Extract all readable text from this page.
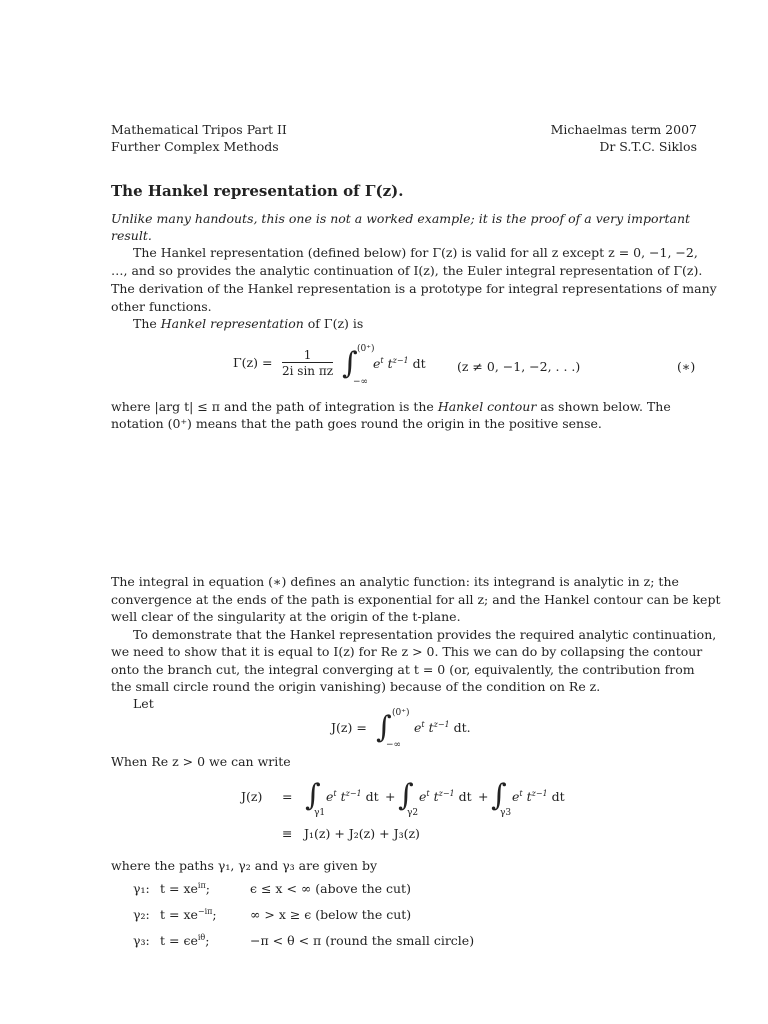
Mathematical Tripos Part II
Further Complex Methods
Michaelmas term 2007
Dr S.T.C. Siklos
The Hankel representation of Γ(z).
Unlike many handouts, this one is not a worked example; it is the proof of a very important
result.
The Hankel representation (defined below) for Γ(z) is valid for all z except z = 0, −1, −2,
…, and so provides the analytic continuation of I(z), the Euler integral representation of Γ(z).
The derivation of the Hankel representation is a prototype for integral representations of many
other functions.
The Hankel representation of Γ(z) is
$\Gamma(z) = \frac{1}{\text{2i sin πz}}$ ∫ (0⁺)
−∞
$e^t$ $t^{z-1}$ dt	(z ≠ 0, −1, −2, . . .)	(∗)
where |arg t| ≤ π and the path of integration is the Hankel contour as shown below. The
notation (0⁺) means that the path goes round the origin in the positive sense.
The integral in equation (∗) defines an analytic function: its integrand is analytic in z; the
convergence at the ends of the path is exponential for all z; and the Hankel contour can be kept
well clear of the singularity at the origin of the t-plane.
To demonstrate that the Hankel representation provides the required analytic continuation,
we need to show that it is equal to I(z) for Re z > 0. This we can do by collapsing the contour
onto the branch cut, the integral converging at t = 0 (or, equivalently, the contribution from
the small circle round the origin vanishing) because of the condition on Re z.
Let
J(z) = ∫ (0⁺)
−∞
$e^t$ $t^{z-1}$ dt.
When Re z > 0 we can write
J(z) = ∫
γ1
$e^t$ $t^{z-1}$ dt + ∫
γ2
$e^t$ $t^{z-1}$ dt + ∫
γ3
$e^t$ $t^{z-1}$ dt
≡ J₁(z) + J₂(z) + J₃(z)
where the paths γ₁, γ₂ and γ₃ are given by
γ₁: $t = xe^{i\pi}$;	ϵ ≤ x < ∞ (above the cut)
γ₂: $t = xe^{-i\pi}$;	∞ > x ≥ ϵ (below the cut)
γ₃: $t = \epsilon e^{i\theta}$;	−π < θ < π (round the small circle)
